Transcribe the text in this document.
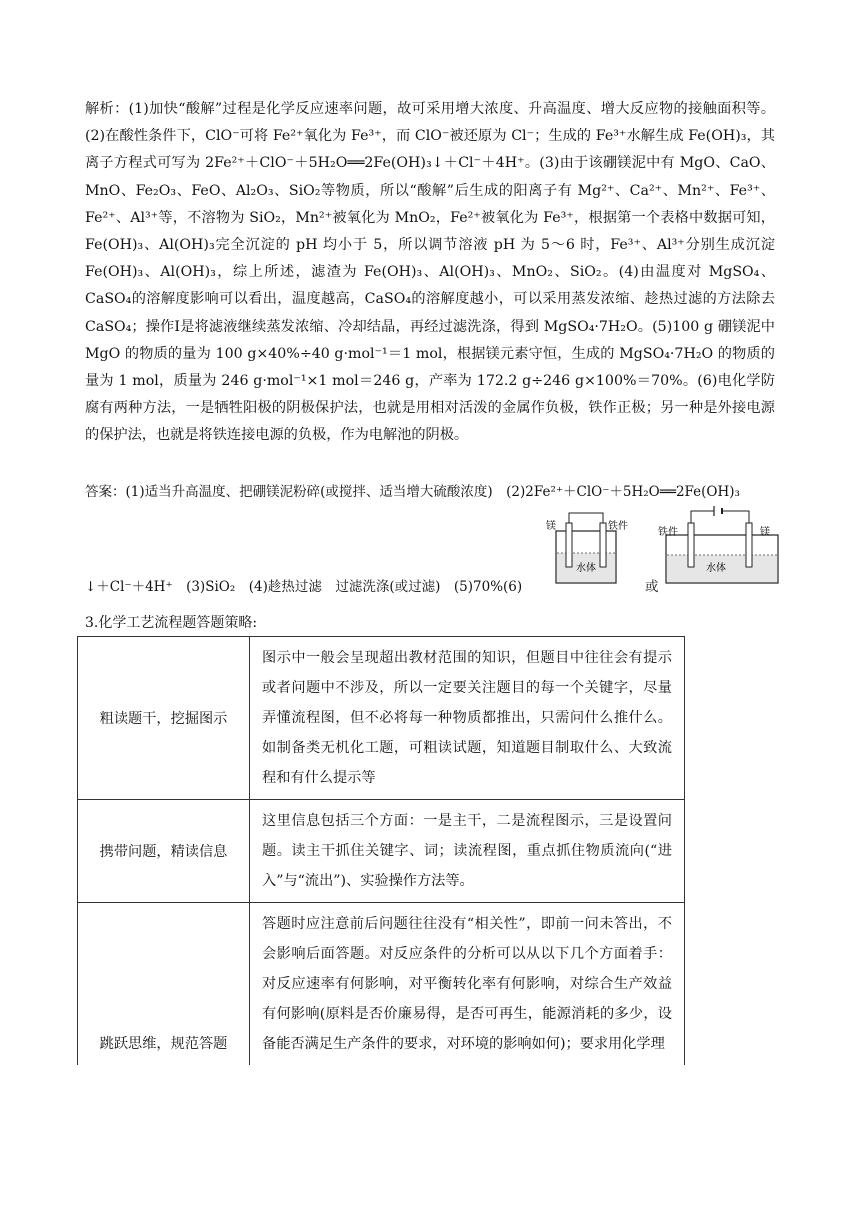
解析：(1)加快“酸解”过程是化学反应速率问题，故可采用增大浓度、升高温度、增大反应物的接触面积等。(2)在酸性条件下，ClO⁻可将 Fe²⁺氧化为 Fe³⁺，而 ClO⁻被还原为 Cl⁻；生成的 Fe³⁺水解生成 Fe(OH)₃，其离子方程式可写为 2Fe²⁺＋ClO⁻＋5H₂O══2Fe(OH)₃↓＋Cl⁻＋4H⁺。(3)由于该硼镁泥中有 MgO、CaO、MnO、Fe₂O₃、FeO、Al₂O₃、SiO₂等物质，所以“酸解”后生成的阳离子有 Mg²⁺、Ca²⁺、Mn²⁺、Fe³⁺、Fe²⁺、Al³⁺等，不溶物为 SiO₂，Mn²⁺被氧化为 MnO₂，Fe²⁺被氧化为 Fe³⁺，根据第一个表格中数据可知，Fe(OH)₃、Al(OH)₃完全沉淀的 pH 均小于 5，所以调节溶液 pH 为 5～6 时，Fe³⁺、Al³⁺分别生成沉淀 Fe(OH)₃、Al(OH)₃，综上所述，滤渣为 Fe(OH)₃、Al(OH)₃、MnO₂、SiO₂。(4)由温度对 MgSO₄、CaSO₄的溶解度影响可以看出，温度越高，CaSO₄的溶解度越小，可以采用蒸发浓缩、趁热过滤的方法除去 CaSO₄；操作Ⅰ是将滤液继续蒸发浓缩、冷却结晶，再经过滤洗涤，得到 MgSO₄·7H₂O。(5)100 g 硼镁泥中 MgO 的物质的量为 100 g×40%÷40 g·mol⁻¹＝1 mol，根据镁元素守恒，生成的 MgSO₄·7H₂O 的物质的量为 1 mol，质量为 246 g·mol⁻¹×1 mol＝246 g，产率为 172.2 g÷246 g×100%＝70%。(6)电化学防腐有两种方法，一是牺牲阳极的阴极保护法，也就是用相对活泼的金属作负极，铁作正极；另一种是外接电源的保护法，也就是将铁连接电源的负极，作为电解池的阴极。

答案：(1)适当升高温度、把硼镁泥粉碎(或搅拌、适当增大硫酸浓度)　(2)2Fe²⁺＋ClO⁻＋5H₂O══2Fe(OH)₃
镁	铁件
水体
铁件	镁
水体
↓＋Cl⁻＋4H⁺　(3)SiO₂　(4)趁热过滤　过滤洗涤(或过滤)　(5)70%(6)	或
3.化学工艺流程题答题策略:
粗读题干，挖掘图示	图示中一般会呈现超出教材范围的知识，但题目中往往会有提示或者问题中不涉及，所以一定要关注题目的每一个关键字，尽量弄懂流程图，但不必将每一种物质都推出，只需问什么推什么。如制备类无机化工题，可粗读试题，知道题目制取什么、大致流程和有什么提示等
携带问题，精读信息	这里信息包括三个方面：一是主干，二是流程图示，三是设置问题。读主干抓住关键字、词；读流程图，重点抓住物质流向(“进入”与“流出”)、实验操作方法等。
跳跃思维，规范答题	答题时应注意前后问题往往没有“相关性”，即前一问未答出，不会影响后面答题。对反应条件的分析可以从以下几个方面着手：对反应速率有何影响，对平衡转化率有何影响，对综合生产效益有何影响(原料是否价廉易得，是否可再生，能源消耗的多少，设备能否满足生产条件的要求，对环境的影响如何)；要求用化学理
